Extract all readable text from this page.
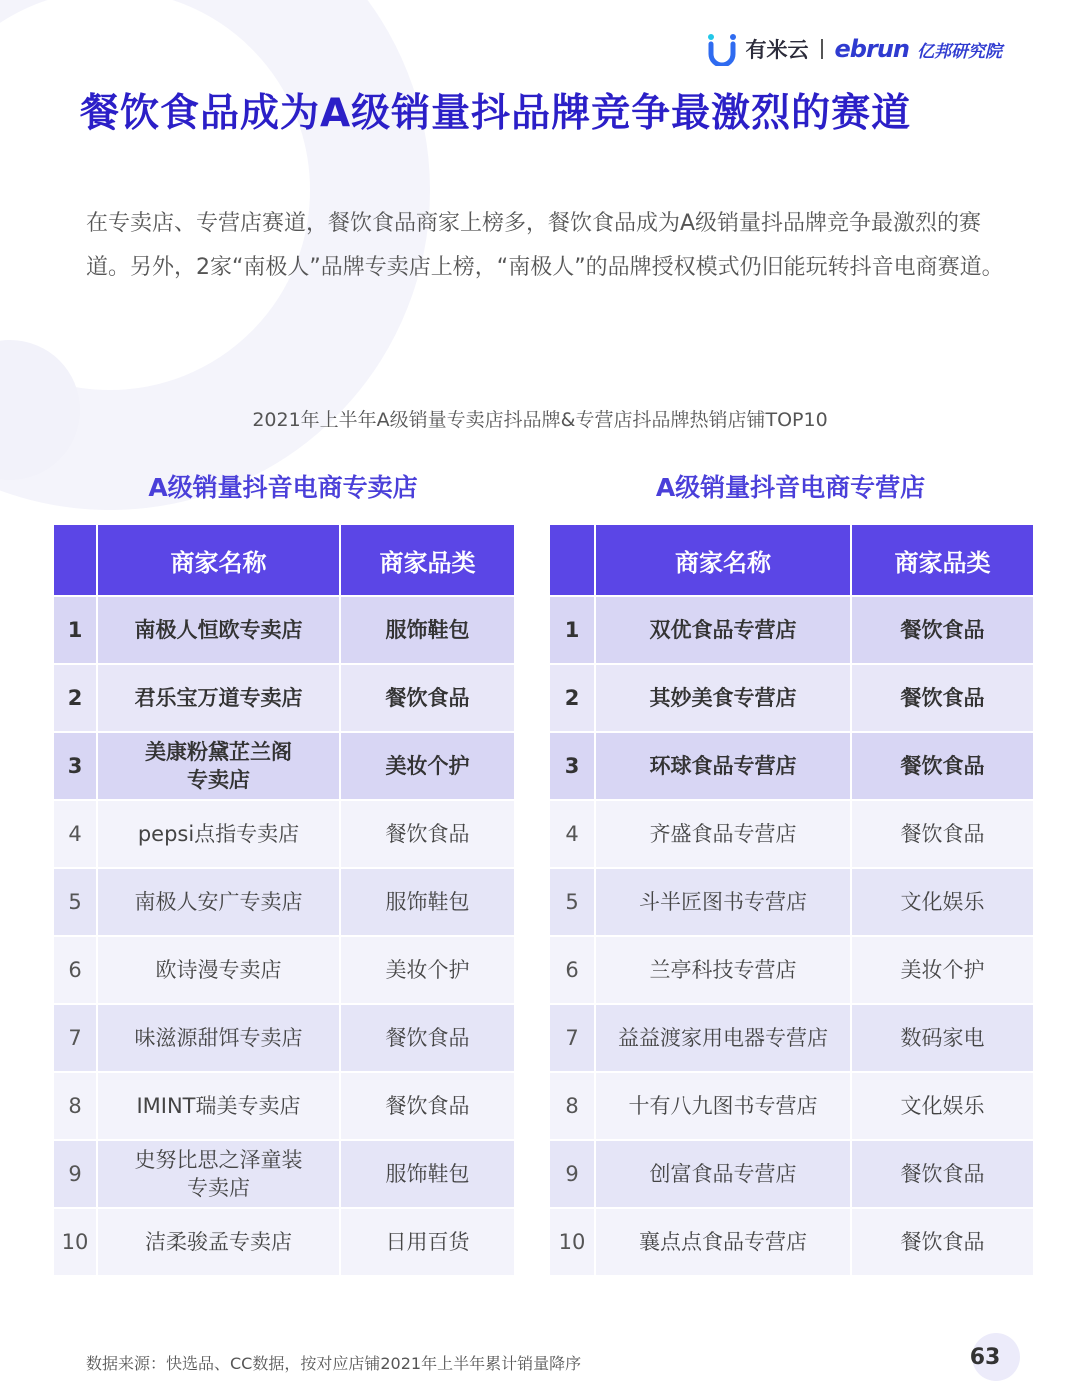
有米云 ebrun 亿邦研究院
餐饮食品成为A级销量抖品牌竞争最激烈的赛道
在专卖店、专营店赛道，餐饮食品商家上榜多，餐饮食品成为A级销量抖品牌竞争最激烈的赛道。另外，2家“南极人”品牌专卖店上榜，“南极人”的品牌授权模式仍旧能玩转抖音电商赛道。
2021年上半年A级销量专卖店抖品牌&专营店抖品牌热销店铺TOP10
A级销量抖音电商专卖店	A级销量抖音电商专营店
	商家名称	商家品类
1	南极人恒欧专卖店	服饰鞋包
2	君乐宝万道专卖店	餐饮食品
3	美康粉黛芷兰阁
专卖店	美妆个护
4	pepsi点指专卖店	餐饮食品
5	南极人安广专卖店	服饰鞋包
6	欧诗漫专卖店	美妆个护
7	味滋源甜饵专卖店	餐饮食品
8	IMINT瑞美专卖店	餐饮食品
9	史努比思之泽童装
专卖店	服饰鞋包
10	洁柔骏孟专卖店	日用百货
	商家名称	商家品类
1	双优食品专营店	餐饮食品
2	其妙美食专营店	餐饮食品
3	环球食品专营店	餐饮食品
4	齐盛食品专营店	餐饮食品
5	斗半匠图书专营店	文化娱乐
6	兰亭科技专营店	美妆个护
7	益益渡家用电器专营店	数码家电
8	十有八九图书专营店	文化娱乐
9	创富食品专营店	餐饮食品
10	襄点点食品专营店	餐饮食品
数据来源：快选品、CC数据，按对应店铺2021年上半年累计销量降序	63
